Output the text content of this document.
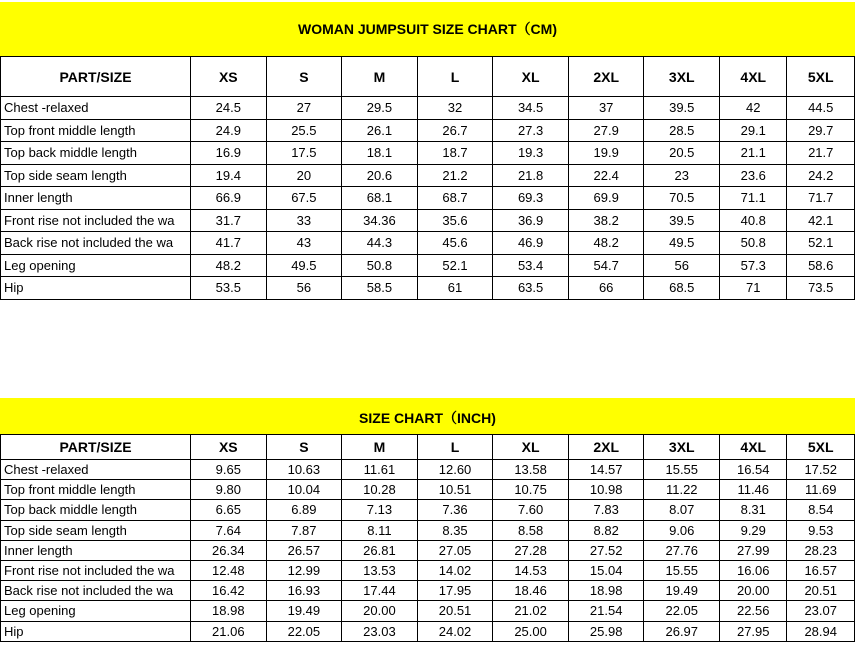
WOMAN JUMPSUIT SIZE CHART（CM)
PART/SIZE	XS	S	M	L	XL	2XL	3XL	4XL	5XL
Chest -relaxed	24.5	27	29.5	32	34.5	37	39.5	42	44.5
Top front middle length	24.9	25.5	26.1	26.7	27.3	27.9	28.5	29.1	29.7
Top back middle length	16.9	17.5	18.1	18.7	19.3	19.9	20.5	21.1	21.7
Top side seam length	19.4	20	20.6	21.2	21.8	22.4	23	23.6	24.2
Inner length	66.9	67.5	68.1	68.7	69.3	69.9	70.5	71.1	71.7
Front rise not included the wa	31.7	33	34.36	35.6	36.9	38.2	39.5	40.8	42.1
Back rise not included the wa	41.7	43	44.3	45.6	46.9	48.2	49.5	50.8	52.1
Leg opening	48.2	49.5	50.8	52.1	53.4	54.7	56	57.3	58.6
Hip	53.5	56	58.5	61	63.5	66	68.5	71	73.5
SIZE CHART（INCH)
PART/SIZE	XS	S	M	L	XL	2XL	3XL	4XL	5XL
Chest -relaxed	9.65	10.63	11.61	12.60	13.58	14.57	15.55	16.54	17.52
Top front middle length	9.80	10.04	10.28	10.51	10.75	10.98	11.22	11.46	11.69
Top back middle length	6.65	6.89	7.13	7.36	7.60	7.83	8.07	8.31	8.54
Top side seam length	7.64	7.87	8.11	8.35	8.58	8.82	9.06	9.29	9.53
Inner length	26.34	26.57	26.81	27.05	27.28	27.52	27.76	27.99	28.23
Front rise not included the wa	12.48	12.99	13.53	14.02	14.53	15.04	15.55	16.06	16.57
Back rise not included the wa	16.42	16.93	17.44	17.95	18.46	18.98	19.49	20.00	20.51
Leg opening	18.98	19.49	20.00	20.51	21.02	21.54	22.05	22.56	23.07
Hip	21.06	22.05	23.03	24.02	25.00	25.98	26.97	27.95	28.94
